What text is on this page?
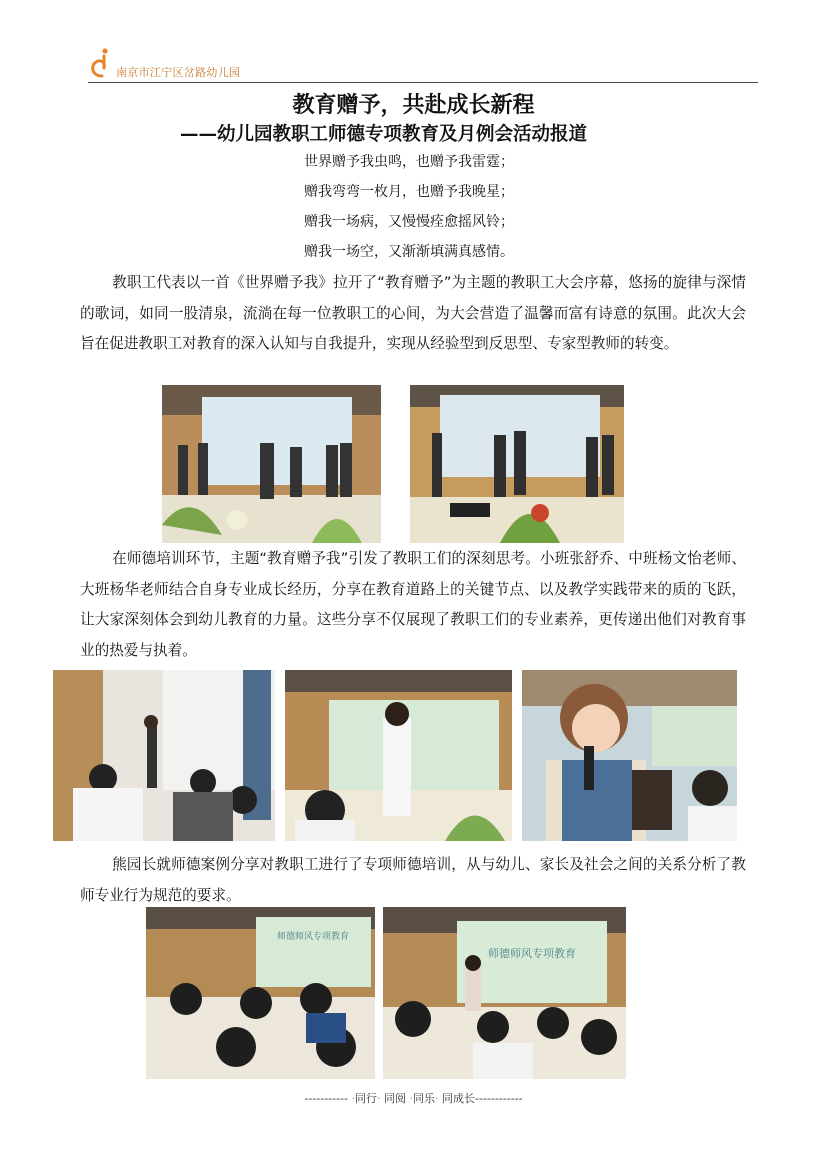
南京市江宁区岔路幼儿园
教育赠予，共赴成长新程
——幼儿园教职工师德专项教育及月例会活动报道
世界赠予我虫鸣，也赠予我雷霆；
赠我弯弯一枚月，也赠予我晚星；
赠我一场病，又慢慢痊愈摇风铃；
赠我一场空，又渐渐填满真感情。
教职工代表以一首《世界赠予我》拉开了“教育赠予”为主题的教职工大会序幕，悠扬的旋律与深情的歌词，如同一股清泉，流淌在每一位教职工的心间，为大会营造了温馨而富有诗意的氛围。此次大会旨在促进教职工对教育的深入认知与自我提升，实现从经验型到反思型、专家型教师的转变。
在师德培训环节，主题“教育赠予我”引发了教职工们的深刻思考。小班张舒乔、中班杨文怡老师、大班杨华老师结合自身专业成长经历，分享在教育道路上的关键节点、以及教学实践带来的质的飞跃，让大家深刻体会到幼儿教育的力量。这些分享不仅展现了教职工们的专业素养，更传递出他们对教育事业的热爱与执着。
熊园长就师德案例分享对教职工进行了专项师德培训，从与幼儿、家长及社会之间的关系分析了教师专业行为规范的要求。
师德师风专项教育
师德师风专项教育
----------- ·同行· 同阅 ·同乐· 同成长------------
